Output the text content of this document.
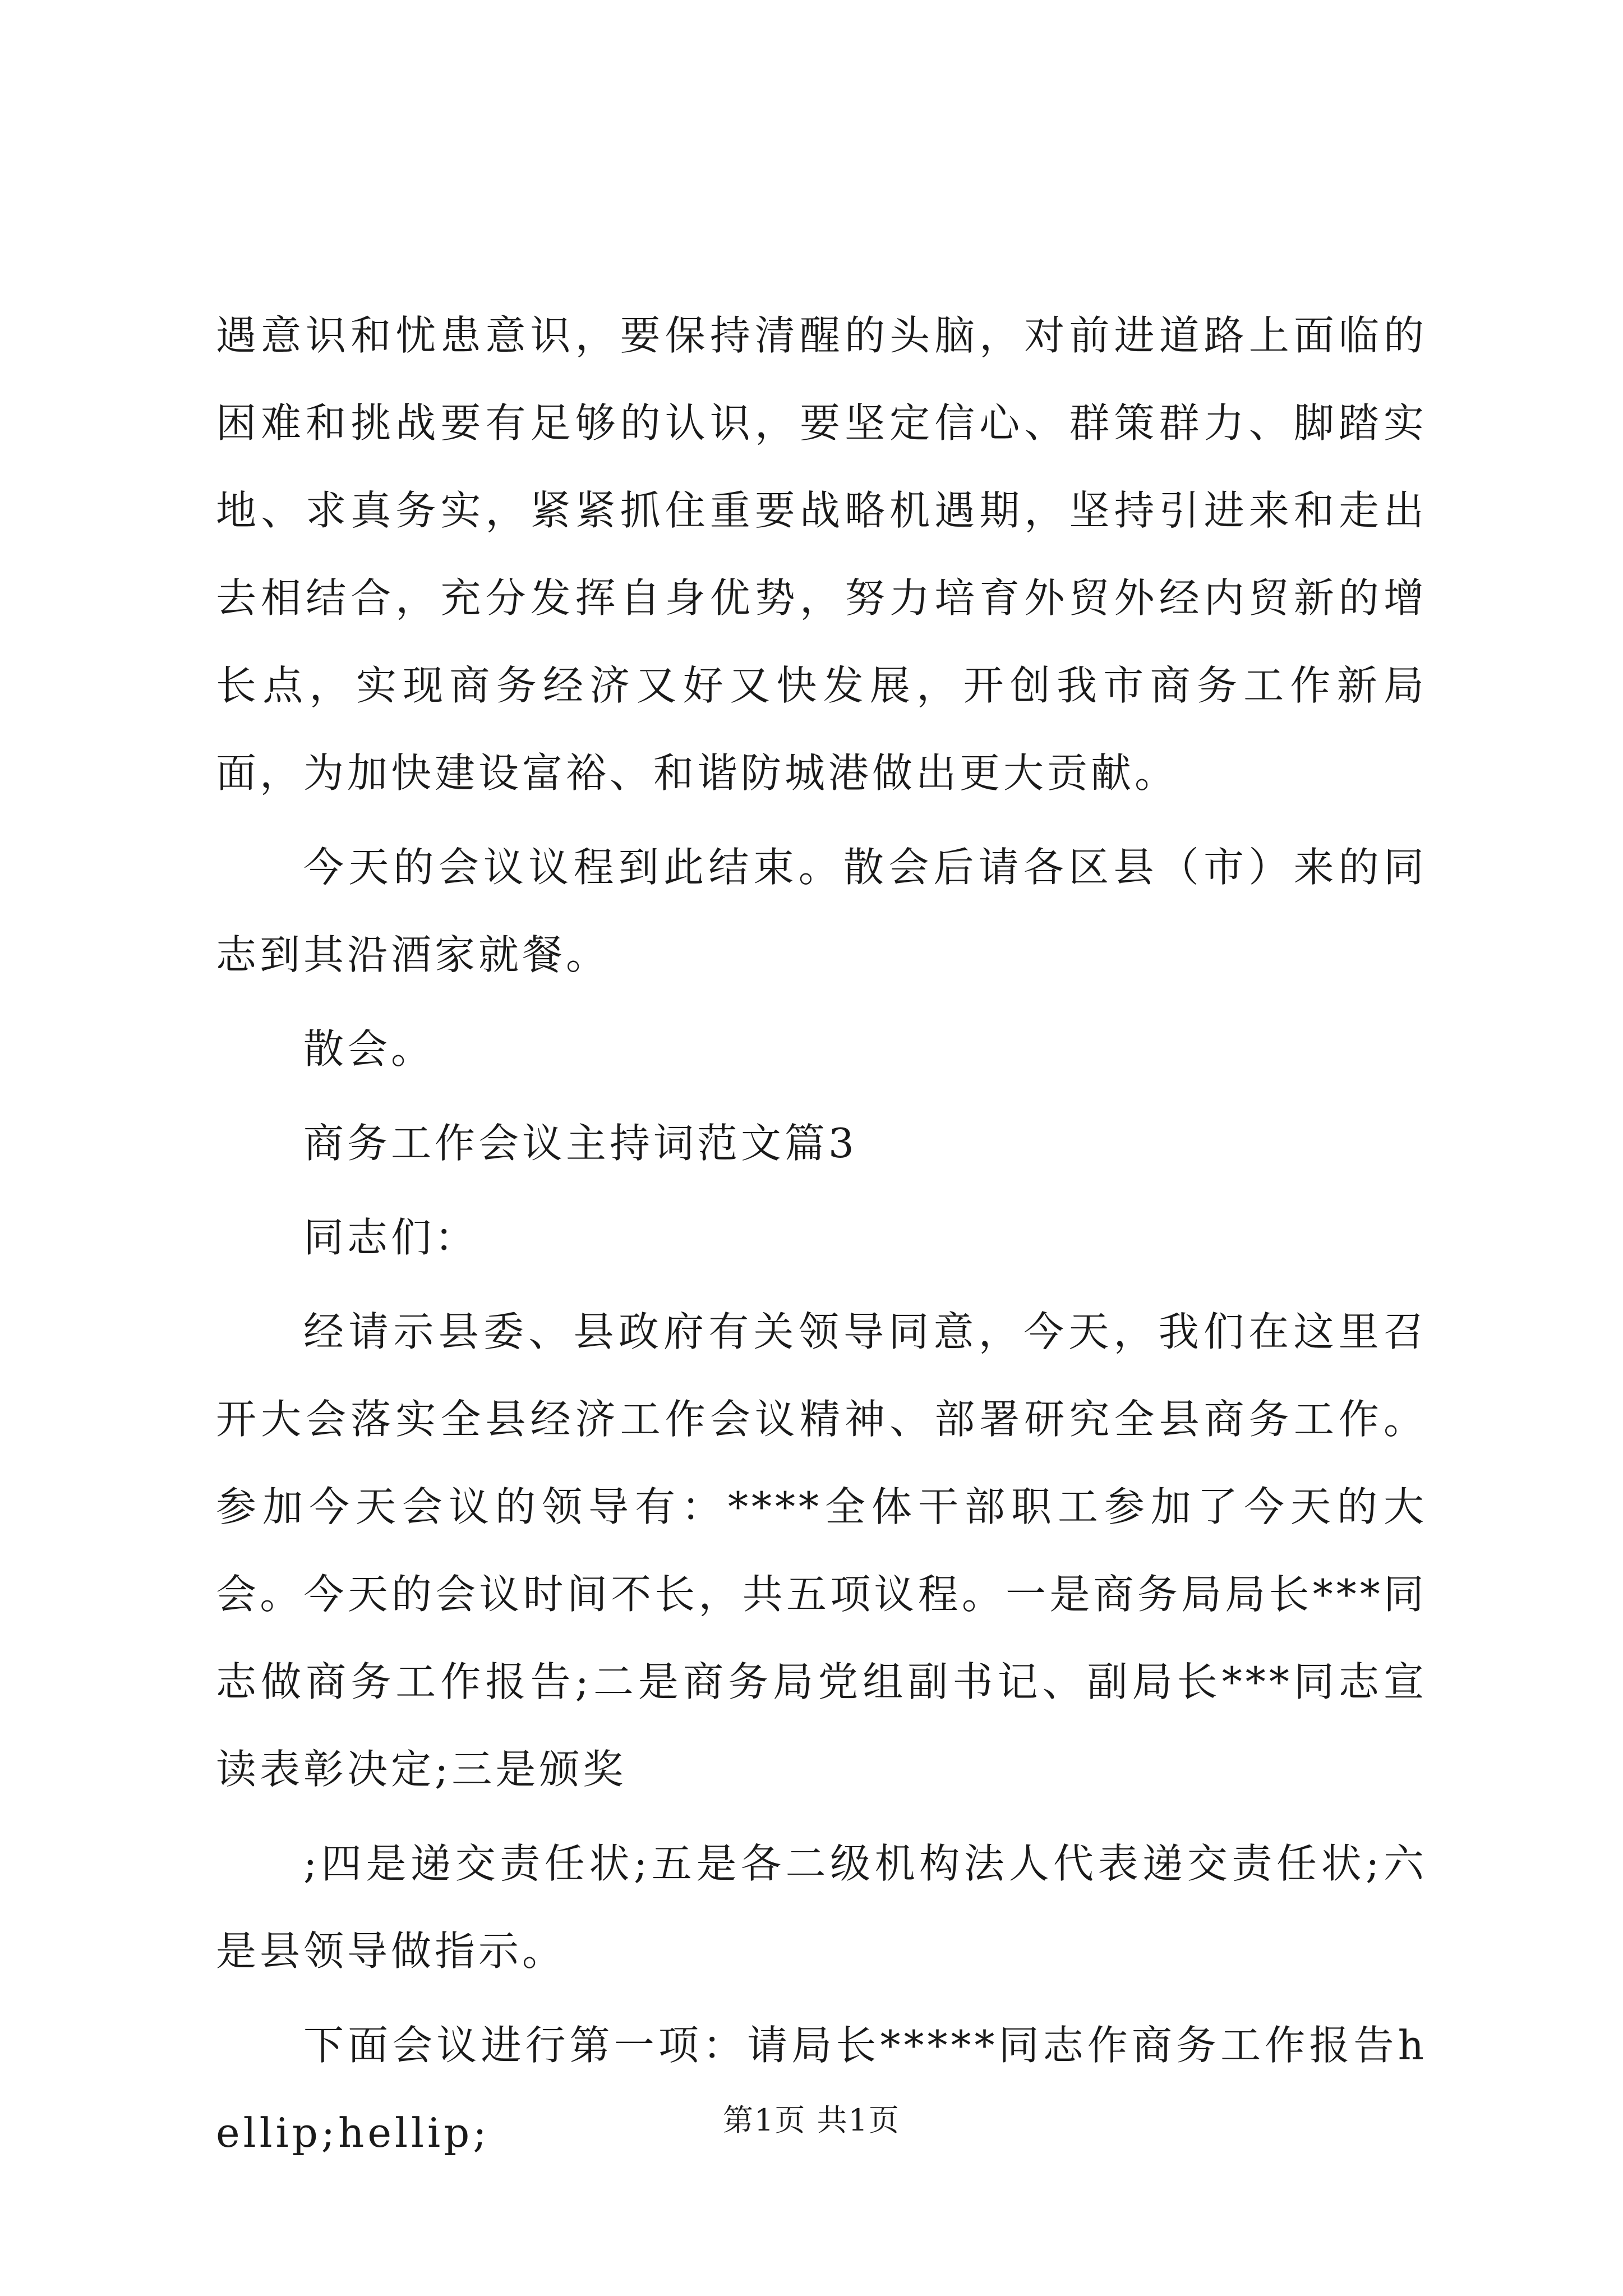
遇意识和忧患意识，要保持清醒的头脑，对前进道路上面临的困难和挑战要有足够的认识，要坚定信心、群策群力、脚踏实地、求真务实，紧紧抓住重要战略机遇期，坚持引进来和走出去相结合，充分发挥自身优势，努力培育外贸外经内贸新的增长点，实现商务经济又好又快发展，开创我市商务工作新局面，为加快建设富裕、和谐防城港做出更大贡献。

今天的会议议程到此结束。散会后请各区县（市）来的同志到其沿酒家就餐。

散会。

商务工作会议主持词范文篇3

同志们：

经请示县委、县政府有关领导同意，今天，我们在这里召开大会落实全县经济工作会议精神、部署研究全县商务工作。参加今天会议的领导有：****全体干部职工参加了今天的大会。今天的会议时间不长，共五项议程。一是商务局局长***同志做商务工作报告;二是商务局党组副书记、副局长***同志宣读表彰决定;三是颁奖

;四是递交责任状;五是各二级机构法人代表递交责任状;六是县领导做指示。

下面会议进行第一项：请局长*****同志作商务工作报告hellip;hellip;	第1页 共1页
